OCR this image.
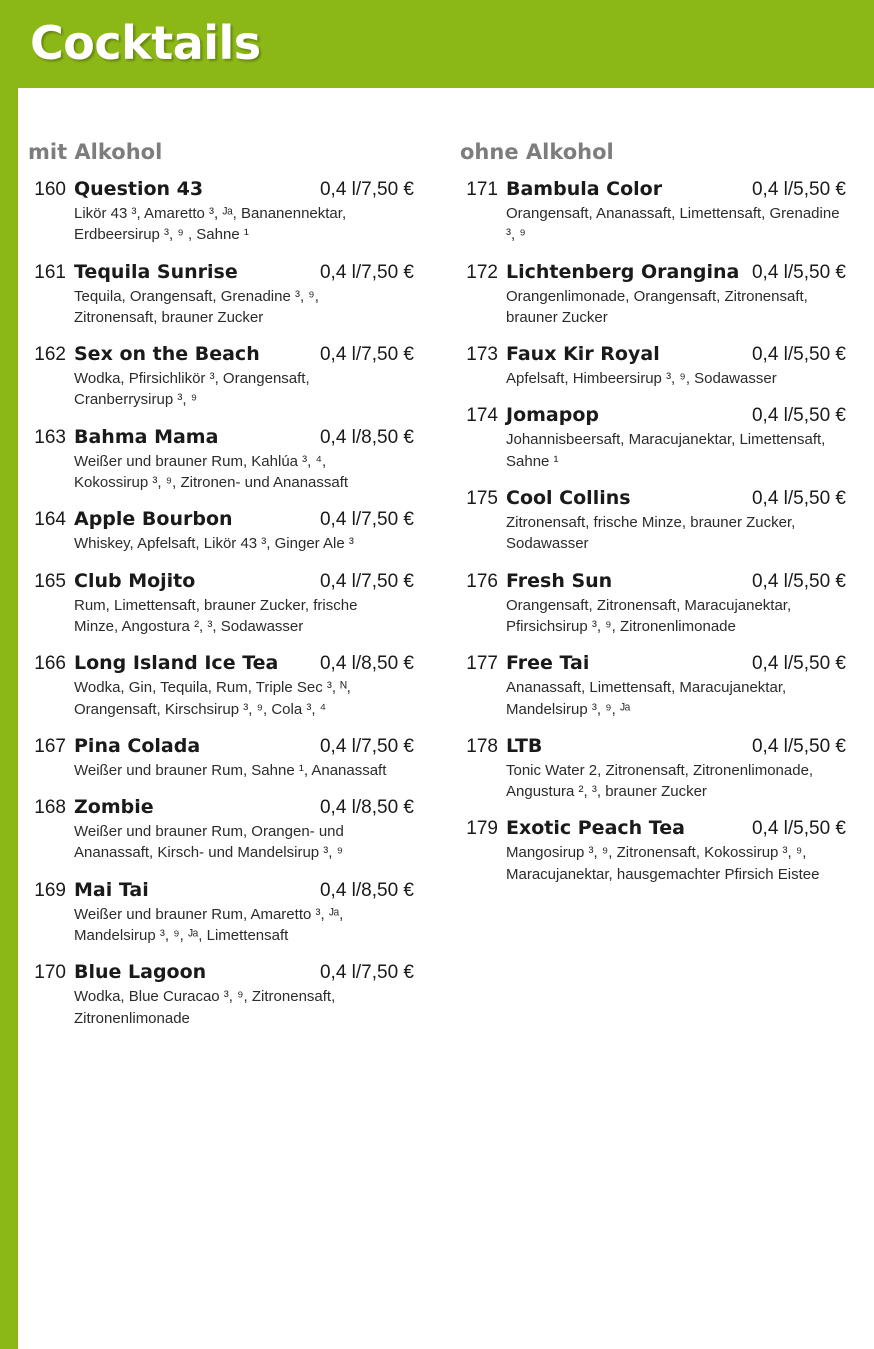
Cocktails
mit Alkohol
160 Question 43	0,4 l/7,50 €
Likör 43 ³, Amaretto ³, ᴶᵃ, Bananennektar, Erdbeersirup ³, ⁹ , Sahne ¹
161 Tequila Sunrise	0,4 l/7,50 €
Tequila, Orangensaft, Grenadine ³, ⁹, Zitronensaft, brauner Zucker
162 Sex on the Beach	0,4 l/7,50 €
Wodka, Pfirsichlikör ³, Orangensaft, Cranberrysirup ³, ⁹
163 Bahma Mama	0,4 l/8,50 €
Weißer und brauner Rum, Kahlúa ³, ⁴, Kokossirup ³, ⁹, Zitronen- und Ananassaft
164 Apple Bourbon	0,4 l/7,50 €
Whiskey, Apfelsaft, Likör 43 ³, Ginger Ale ³
165 Club Mojito	0,4 l/7,50 €
Rum, Limettensaft, brauner Zucker, frische Minze, Angostura ², ³, Sodawasser
166 Long Island Ice Tea	0,4 l/8,50 €
Wodka, Gin, Tequila, Rum, Triple Sec ³, ᴺ, Orangensaft, Kirschsirup ³, ⁹, Cola ³, ⁴
167 Pina Colada	0,4 l/7,50 €
Weißer und brauner Rum, Sahne ¹, Ananassaft
168 Zombie	0,4 l/8,50 €
Weißer und brauner Rum, Orangen- und Ananassaft, Kirsch- und Mandelsirup ³, ⁹
169 Mai Tai	0,4 l/8,50 €
Weißer und brauner Rum, Amaretto ³, ᴶᵃ, Mandelsirup ³, ⁹, ᴶᵃ, Limettensaft
170 Blue Lagoon	0,4 l/7,50 €
Wodka, Blue Curacao ³, ⁹, Zitronensaft, Zitronenlimonade
ohne Alkohol
171 Bambula Color	0,4 l/5,50 €
Orangensaft, Ananassaft, Limettensaft, Grenadine ³, ⁹
172 Lichtenberg Orangina 0,4 l/5,50 €
Orangenlimonade, Orangensaft, Zitronensaft, brauner Zucker
173 Faux Kir Royal	0,4 l/5,50 €
Apfelsaft, Himbeersirup ³, ⁹, Sodawasser
174 Jomapop	0,4 l/5,50 €
Johannisbeersaft, Maracujanektar, Limettensaft, Sahne ¹
175 Cool Collins	0,4 l/5,50 €
Zitronensaft, frische Minze, brauner Zucker, Sodawasser
176 Fresh Sun	0,4 l/5,50 €
Orangensaft, Zitronensaft, Maracujanektar, Pfirsichsirup ³, ⁹, Zitronenlimonade
177 Free Tai	0,4 l/5,50 €
Ananassaft, Limettensaft, Maracujanektar, Mandelsirup ³, ⁹, ᴶᵃ
178 LTB	0,4 l/5,50 €
Tonic Water 2, Zitronensaft, Zitronenlimonade, Angustura ², ³, brauner Zucker
179 Exotic Peach Tea	0,4 l/5,50 €
Mangosirup ³, ⁹, Zitronensaft, Kokossirup ³, ⁹, Maracujanektar, hausgemachter Pfirsich Eistee
